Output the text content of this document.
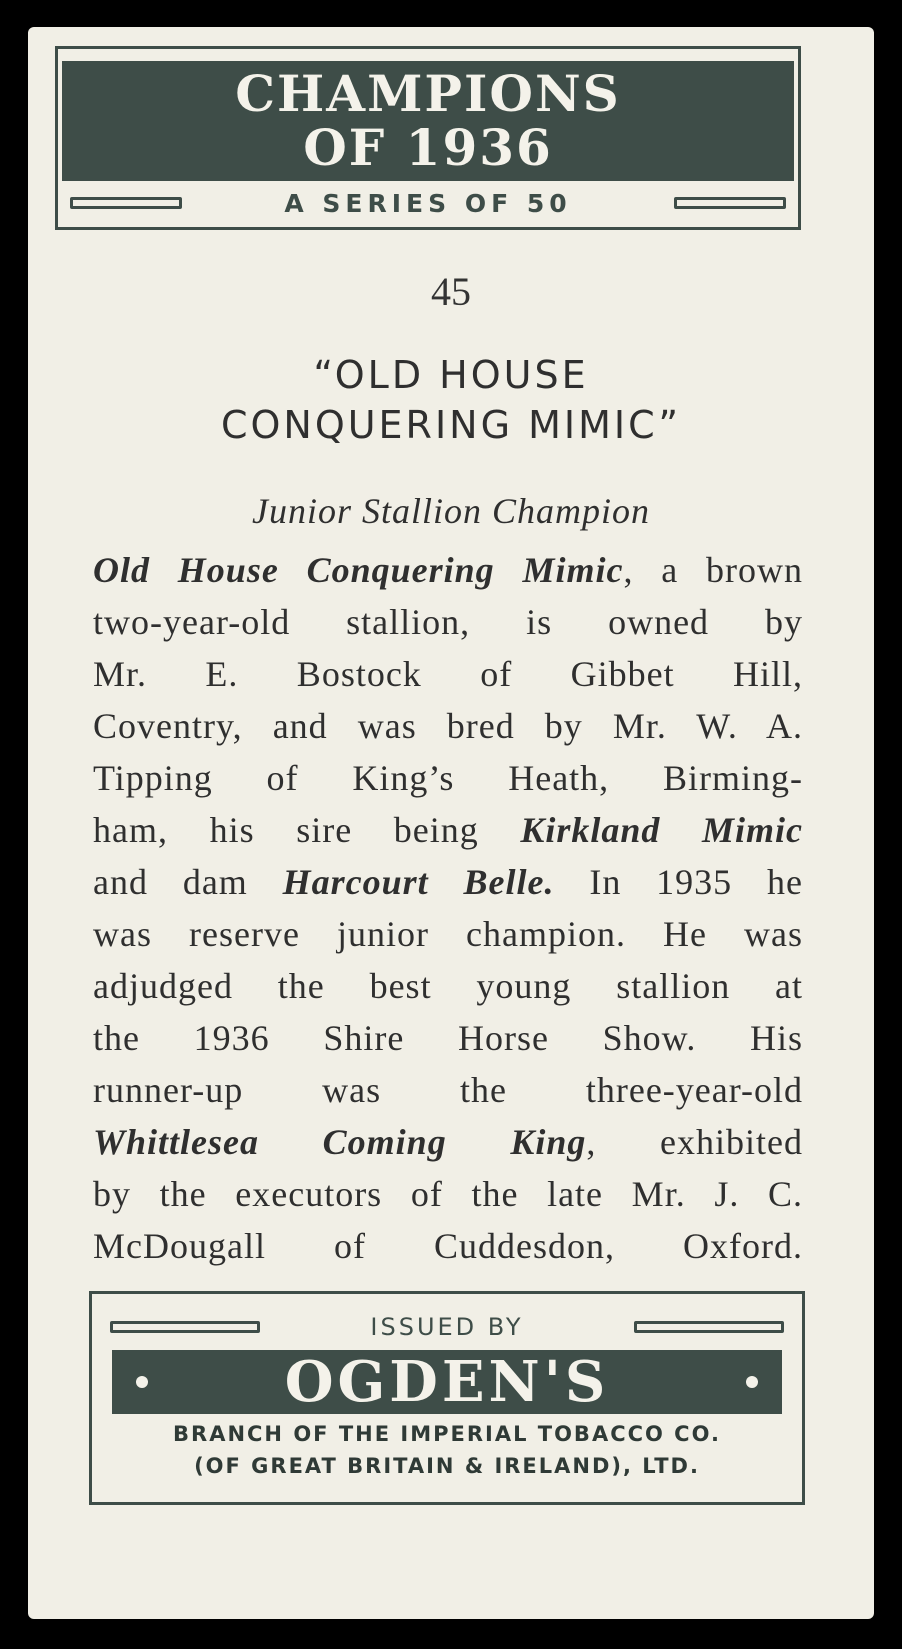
CHAMPIONS
OF 1936
A SERIES OF 50
45
“OLD HOUSE
CONQUERING MIMIC”
Junior Stallion Champion
Old House Conquering Mimic, a brown
two-year-old stallion, is owned by
Mr. E. Bostock of Gibbet Hill,
Coventry, and was bred by Mr. W. A.
Tipping of King’s Heath, Birming-
ham, his sire being Kirkland Mimic
and dam Harcourt Belle. In 1935 he
was reserve junior champion. He was
adjudged the best young stallion at
the 1936 Shire Horse Show. His
runner-up was the three-year-old
Whittlesea Coming King, exhibited
by the executors of the late Mr. J. C.
McDougall of Cuddesdon, Oxford.
ISSUED BY
OGDEN'S
BRANCH OF THE IMPERIAL TOBACCO CO.
(OF GREAT BRITAIN & IRELAND), LTD.
